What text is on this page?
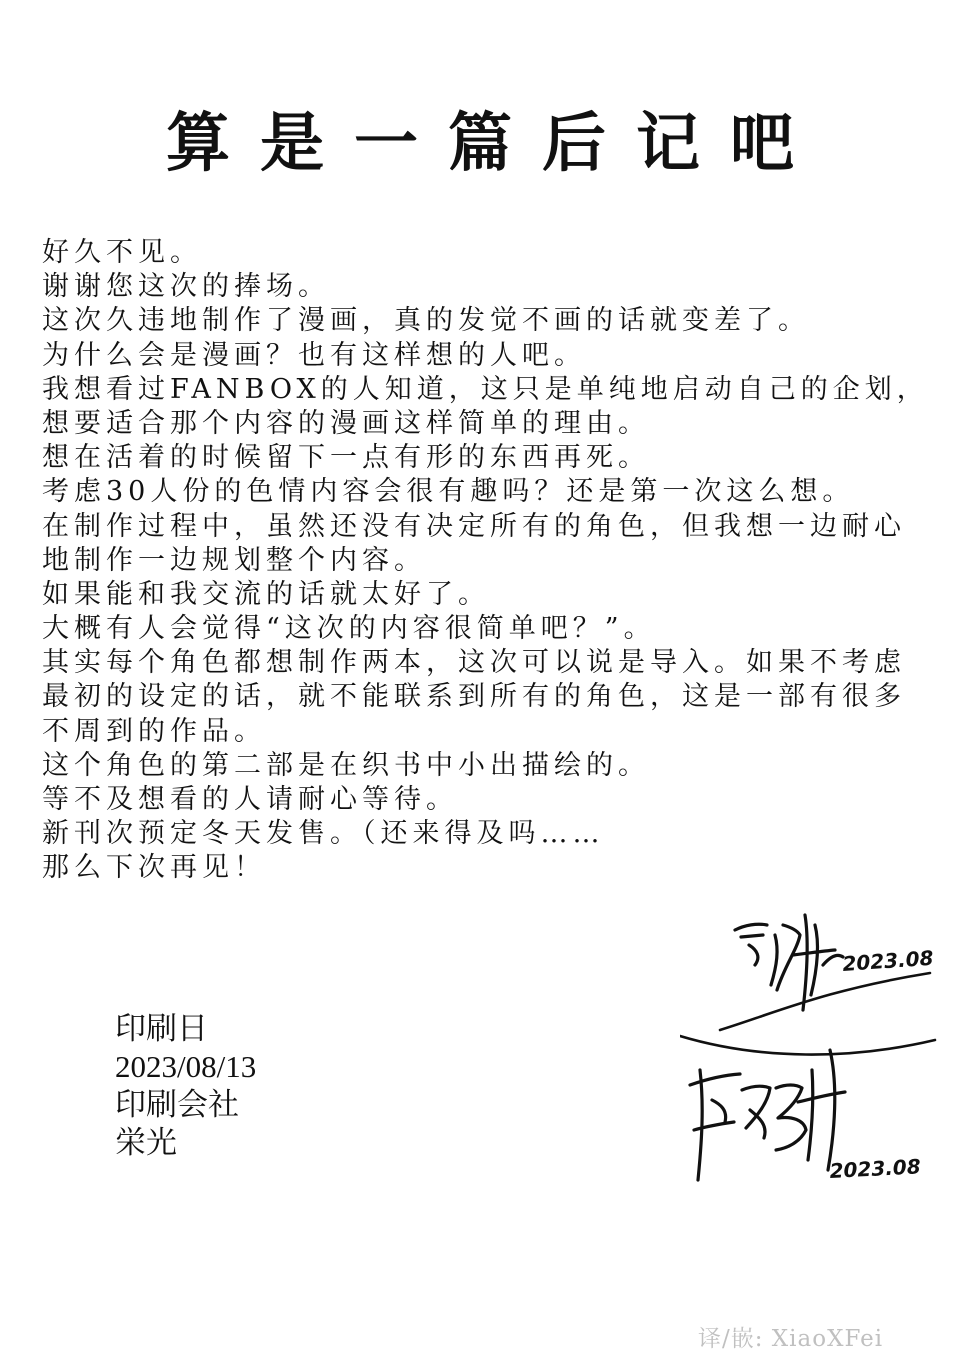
算是一篇后记吧
好久不见。
谢谢您这次的捧场。
这次久违地制作了漫画，真的发觉不画的话就变差了。
为什么会是漫画？也有这样想的人吧。
我想看过FANBOX的人知道，这只是单纯地启动自己的企划，
想要适合那个内容的漫画这样简单的理由。
想在活着的时候留下一点有形的东西再死。
考虑30人份的色情内容会很有趣吗？还是第一次这么想。
在制作过程中，虽然还没有决定所有的角色，但我想一边耐心
地制作一边规划整个内容。
如果能和我交流的话就太好了。
大概有人会觉得“这次的内容很简单吧？”。
其实每个角色都想制作两本，这次可以说是导入。如果不考虑
最初的设定的话，就不能联系到所有的角色，这是一部有很多
不周到的作品。
这个角色的第二部是在织书中小出描绘的。
等不及想看的人请耐心等待。
新刊次预定冬天发售。（还来得及吗……
那么下次再见！
印刷日
2023/08/13
印刷会社
栄光
2023.08
2023.08
译/嵌: XiaoXFei
